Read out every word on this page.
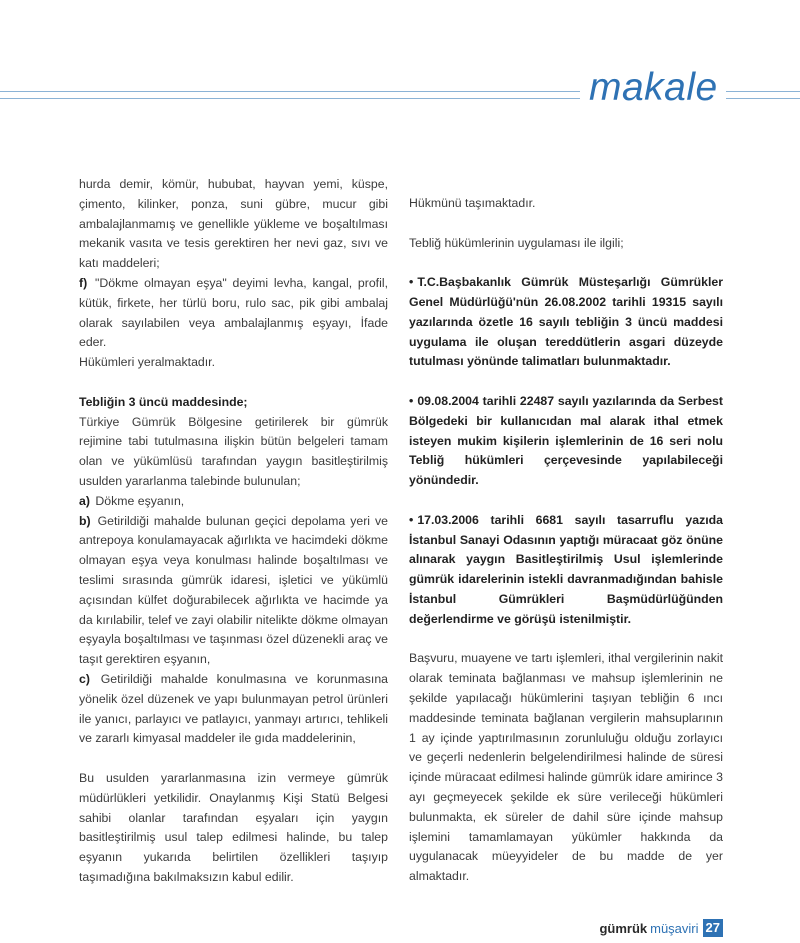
makale

hurda demir, kömür, hububat, hayvan yemi, küspe, çimento, kilinker, ponza, suni gübre, mucur gibi ambalajlanmamış ve genellikle yükleme ve boşaltılması mekanik vasıta ve tesis gerektiren her nevi gaz, sıvı ve katı maddeleri;

f) "Dökme olmayan eşya" deyimi levha, kangal, profil, kütük, firkete, her türlü boru, rulo sac, pik gibi ambalaj olarak sayılabilen veya ambalajlanmış eşyayı, İfade eder.

Hükümleri yeralmaktadır.

Tebliğin 3 üncü maddesinde;

Türkiye Gümrük Bölgesine getirilerek bir gümrük rejimine tabi tutulmasına ilişkin bütün belgeleri tamam olan ve yükümlüsü tarafından yaygın basitleştirilmiş usulden yararlanma talebinde bulunulan;

a) Dökme eşyanın,

b) Getirildiği mahalde bulunan geçici depolama yeri ve antrepoya konulamayacak ağırlıkta ve hacimdeki dökme olmayan eşya veya konulması halinde boşaltılması ve teslimi sırasında gümrük idaresi, işletici ve yükümlü açısından külfet doğurabilecek ağırlıkta ve hacimde ya da kırılabilir, telef ve zayi olabilir nitelikte dökme olmayan eşyayla boşaltılması ve taşınması özel düzenekli araç ve taşıt gerektiren eşyanın,

c) Getirildiği mahalde konulmasına ve korunmasına yönelik özel düzenek ve yapı bulunmayan petrol ürünleri ile yanıcı, parlayıcı ve patlayıcı, yanmayı artırıcı, tehlikeli ve zararlı kimyasal maddeler ile gıda maddelerinin,

Bu usulden yararlanmasına izin vermeye gümrük müdürlükleri yetkilidir. Onaylanmış Kişi Statü Belgesi sahibi olanlar tarafından eşyaları için yaygın basitleştirilmiş usul talep edilmesi halinde, bu talep eşyanın yukarıda belirtilen özellikleri taşıyıp taşımadığına bakılmaksızın kabul edilir.

Hükmünü taşımaktadır.

Tebliğ hükümlerinin uygulaması ile ilgili;

• T.C.Başbakanlık Gümrük Müsteşarlığı Gümrükler Genel Müdürlüğü'nün 26.08.2002 tarihli 19315 sayılı yazılarında özetle 16 sayılı tebliğin 3 üncü maddesi uygulama ile oluşan tereddütlerin asgari düzeyde tutulması yönünde talimatları bulunmaktadır.

• 09.08.2004 tarihli 22487 sayılı yazılarında da Serbest Bölgedeki bir kullanıcıdan mal alarak ithal etmek isteyen mukim kişilerin işlemlerinin de 16 seri nolu Tebliğ hükümleri çerçevesinde yapılabileceği yönündedir.

• 17.03.2006 tarihli 6681 sayılı tasarruflu yazıda İstanbul Sanayi Odasının yaptığı müracaat göz önüne alınarak yaygın Basitleştirilmiş Usul işlemlerinde gümrük idarelerinin istekli davranmadığından bahisle İstanbul Gümrükleri Başmüdürlüğünden değerlendirme ve görüşü istenilmiştir.

Başvuru, muayene ve tartı işlemleri, ithal vergilerinin nakit olarak teminata bağlanması ve mahsup işlemlerinin ne şekilde yapılacağı hükümlerini taşıyan tebliğin 6 ıncı maddesinde teminata bağlanan vergilerin mahsuplarının 1 ay içinde yaptırılmasının zorunluluğu olduğu zorlayıcı ve geçerli nedenlerin belgelendirilmesi halinde de süresi içinde müracaat edilmesi halinde gümrük idare amirince 3 ayı geçmeyecek şekilde ek süre verileceği hükümleri bulunmakta, ek süreler de dahil süre içinde mahsup işlemini tamamlamayan yükümler hakkında da uygulanacak müeyyideler de bu madde de yer almaktadır.

gümrük müşaviri 27
